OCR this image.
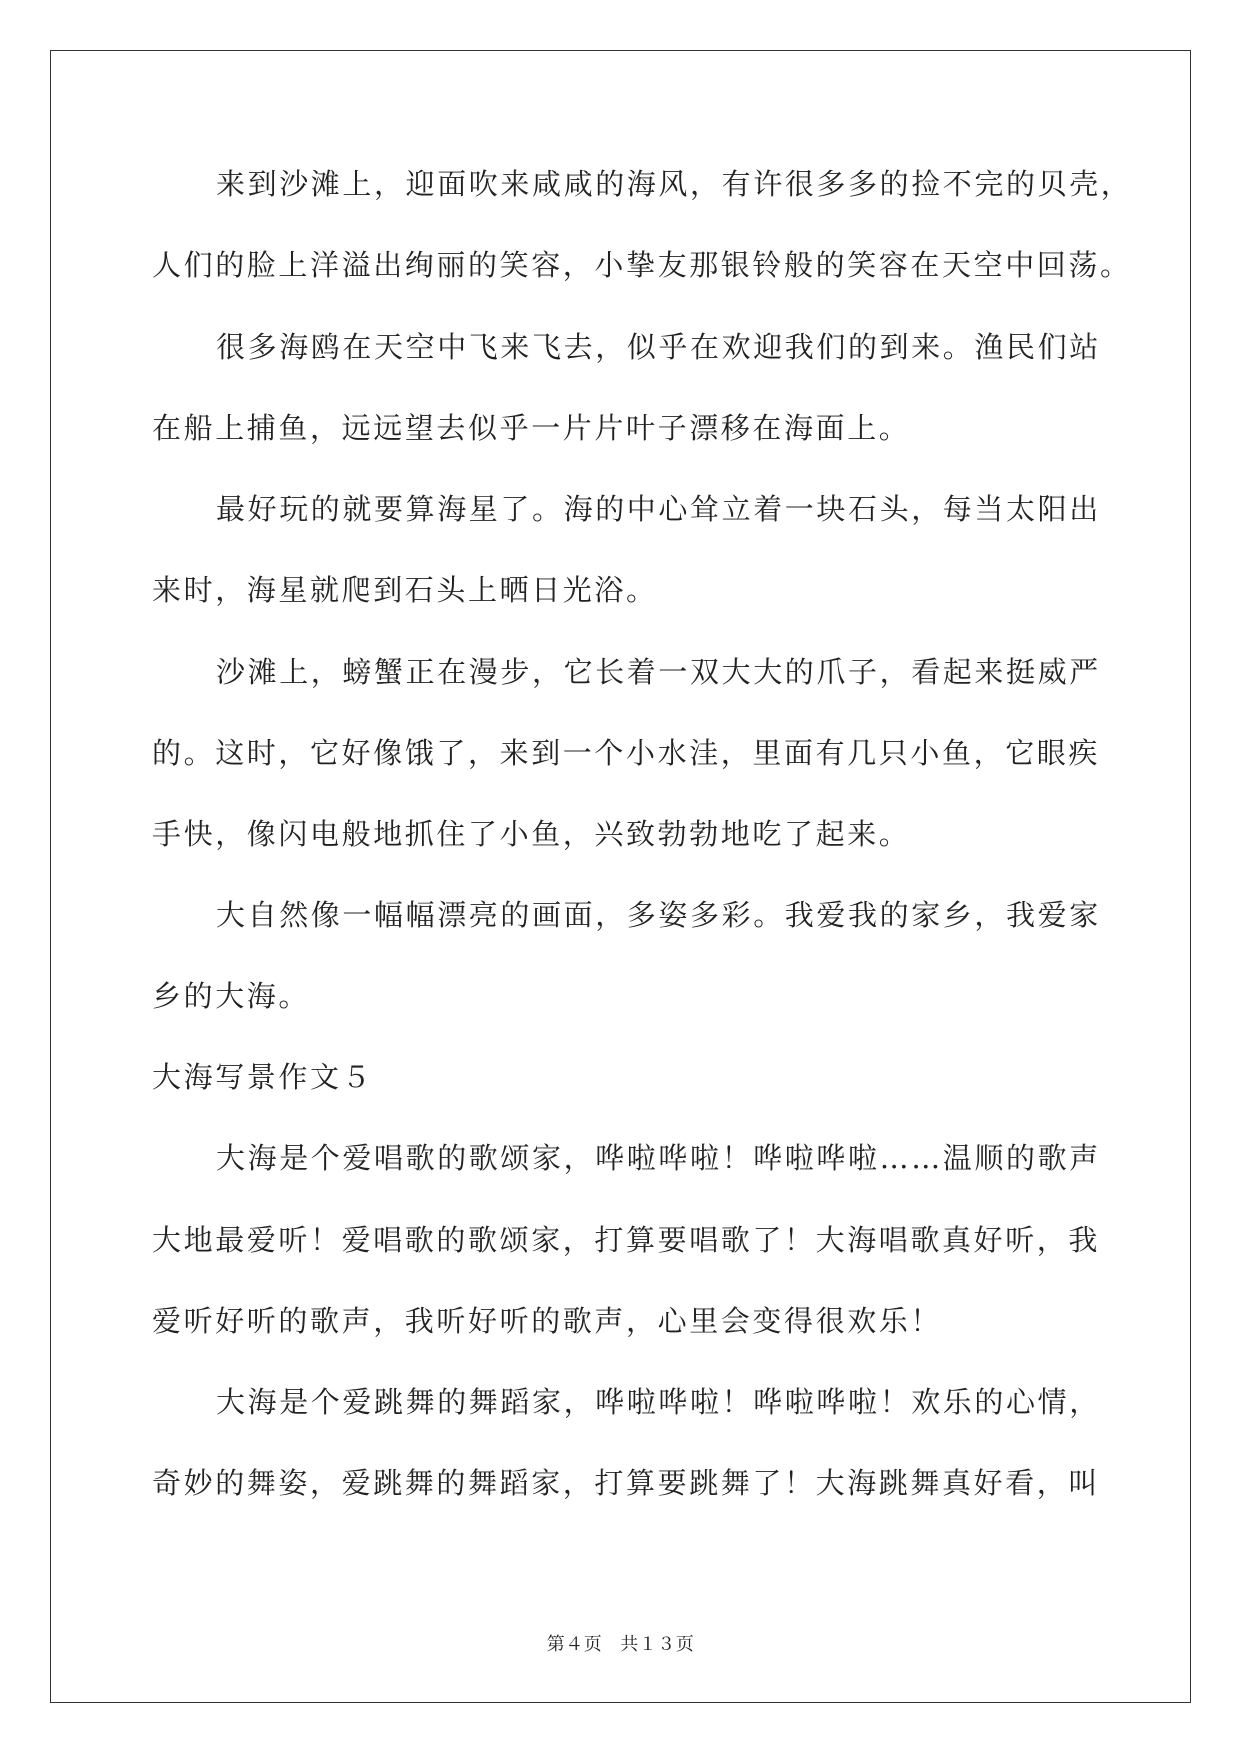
来到沙滩上，迎面吹来咸咸的海风，有许很多多的捡不完的贝壳，
人们的脸上洋溢出绚丽的笑容，小挚友那银铃般的笑容在天空中回荡。
很多海鸥在天空中飞来飞去，似乎在欢迎我们的到来。渔民们站
在船上捕鱼，远远望去似乎一片片叶子漂移在海面上。
最好玩的就要算海星了。海的中心耸立着一块石头，每当太阳出
来时，海星就爬到石头上晒日光浴。
沙滩上，螃蟹正在漫步，它长着一双大大的爪子，看起来挺威严
的。这时，它好像饿了，来到一个小水洼，里面有几只小鱼，它眼疾
手快，像闪电般地抓住了小鱼，兴致勃勃地吃了起来。
大自然像一幅幅漂亮的画面，多姿多彩。我爱我的家乡，我爱家
乡的大海。
大海写景作文５
大海是个爱唱歌的歌颂家，哗啦哗啦！哗啦哗啦……温顺的歌声
大地最爱听！爱唱歌的歌颂家，打算要唱歌了！大海唱歌真好听，我
爱听好听的歌声，我听好听的歌声，心里会变得很欢乐！
大海是个爱跳舞的舞蹈家，哗啦哗啦！哗啦哗啦！欢乐的心情，
奇妙的舞姿，爱跳舞的舞蹈家，打算要跳舞了！大海跳舞真好看，叫
第４页 共１３页
